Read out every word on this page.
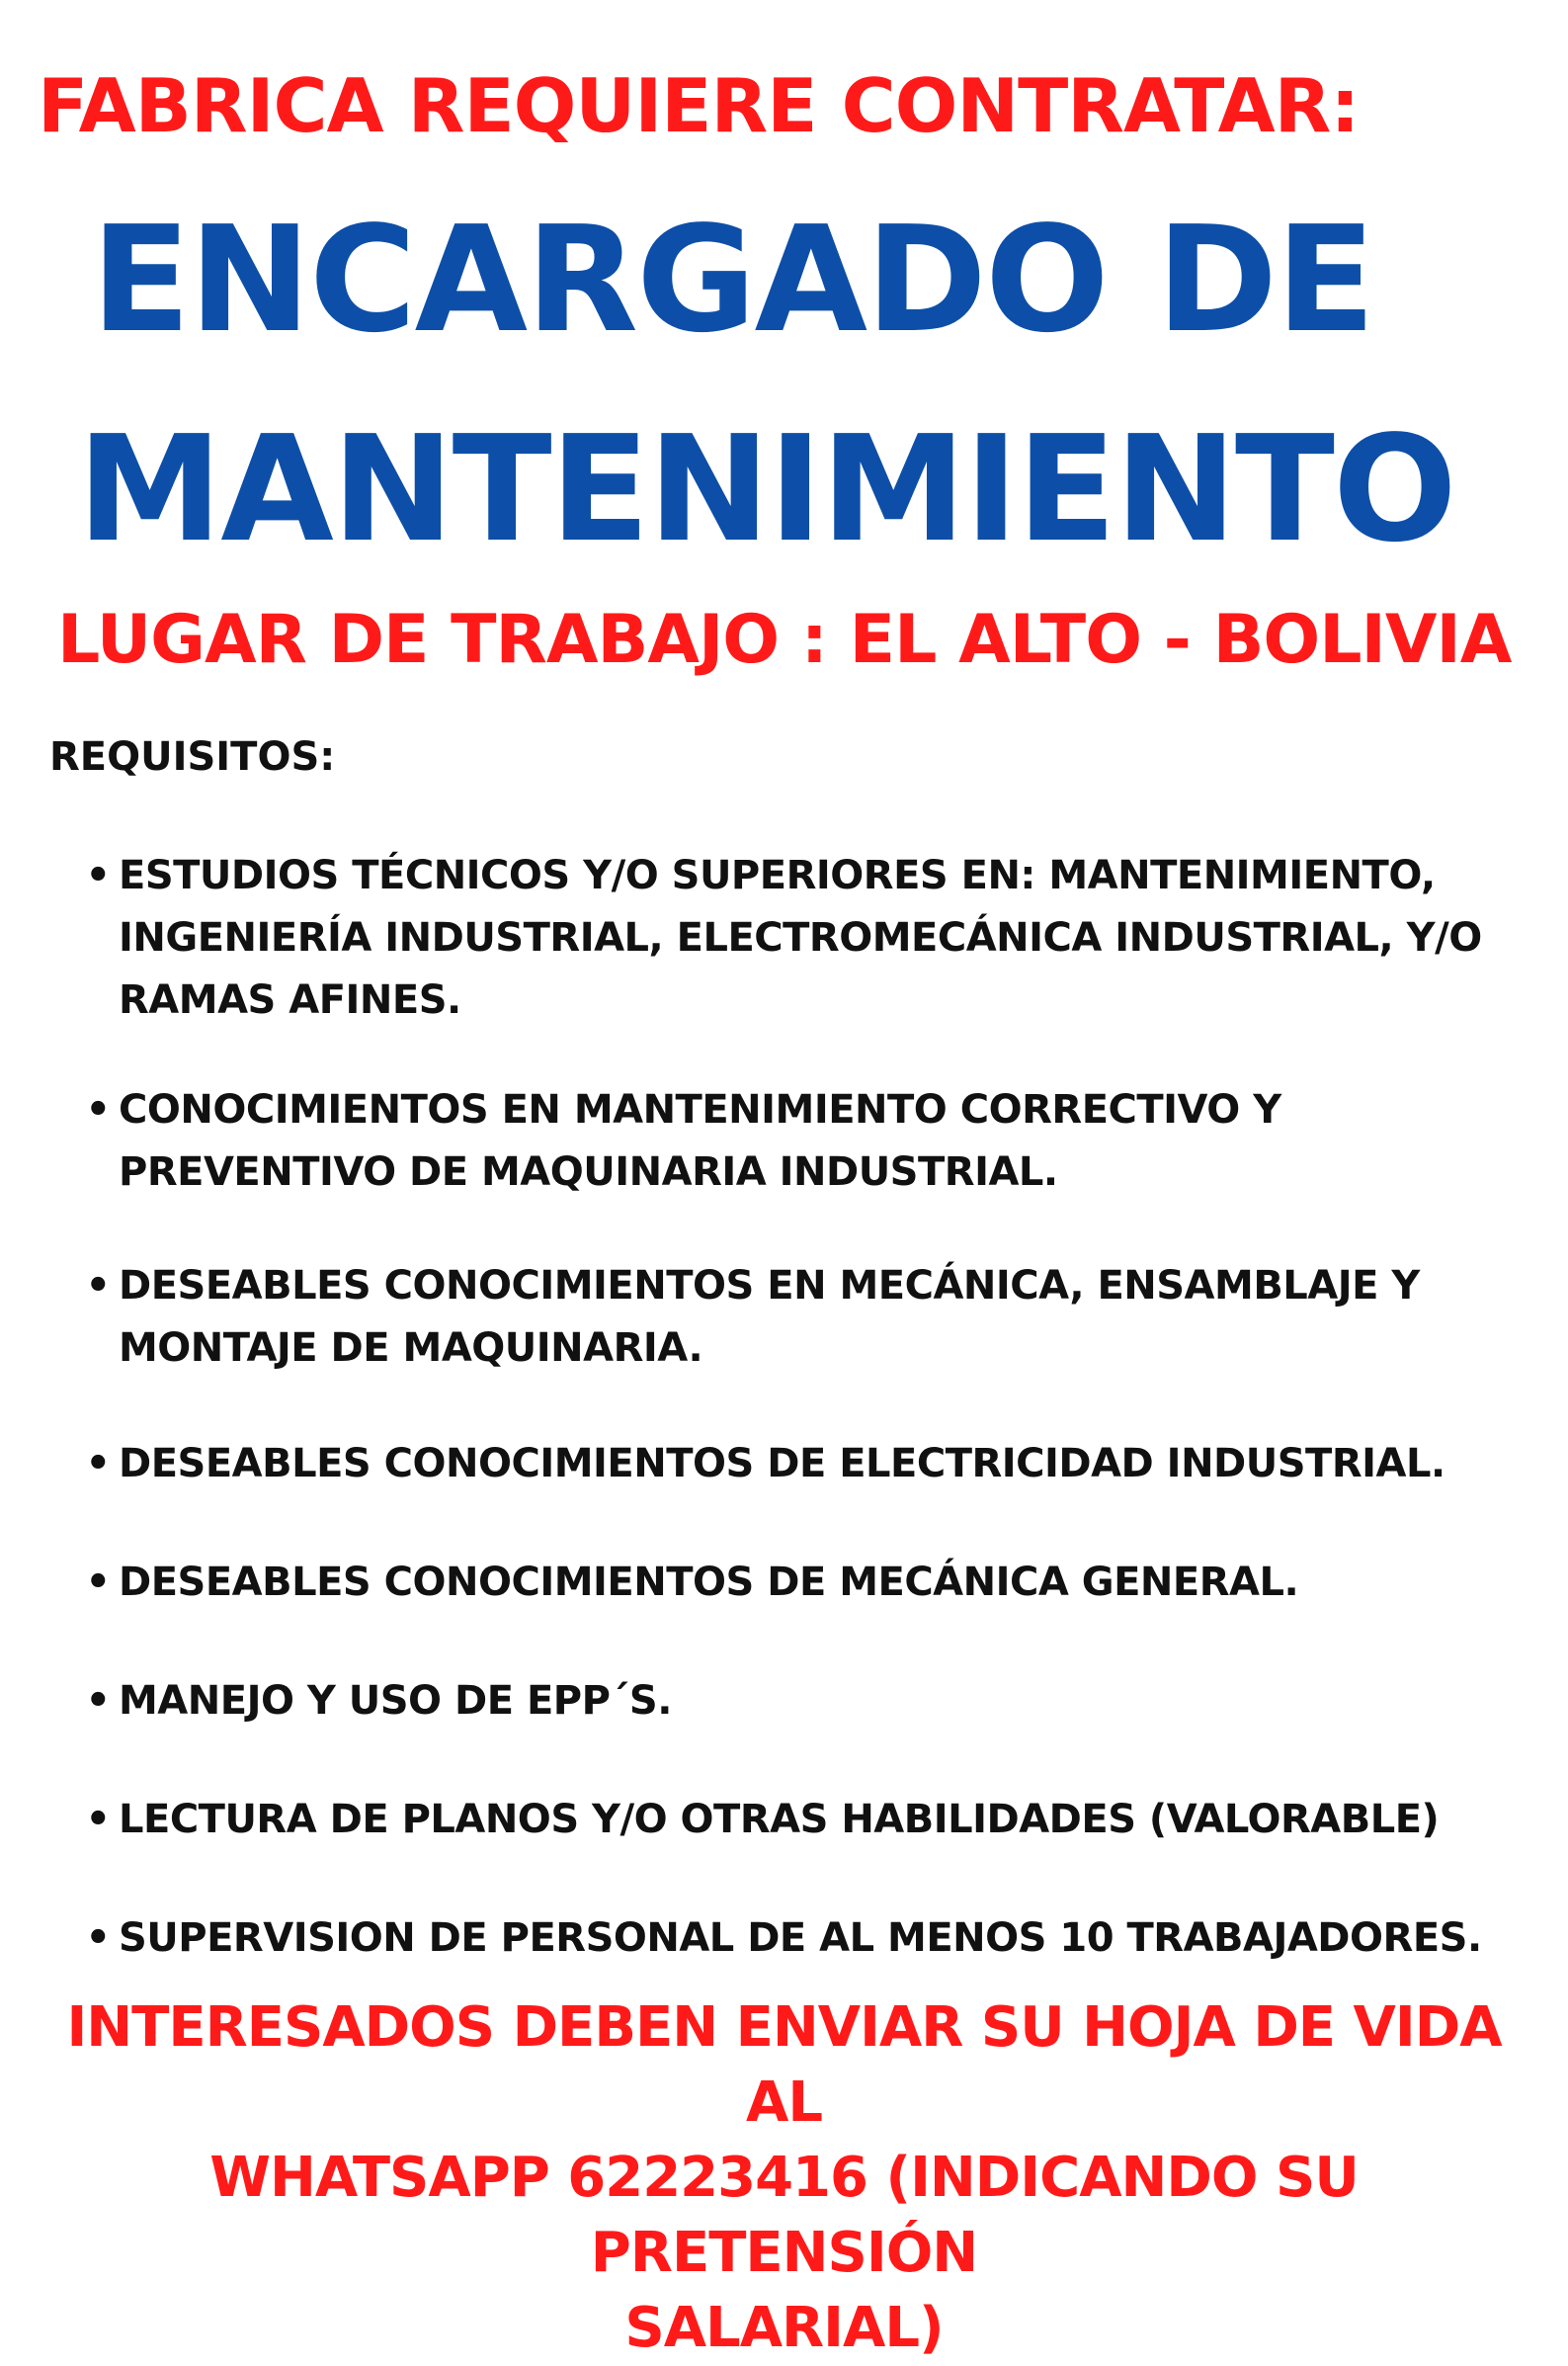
FABRICA REQUIERE CONTRATAR:
ENCARGADO DE
MANTENIMIENTO

LUGAR DE TRABAJO : EL ALTO - BOLIVIA

REQUISITOS:

• ESTUDIOS TÉCNICOS Y/O SUPERIORES EN: MANTENIMIENTO,
INGENIERÍA INDUSTRIAL, ELECTROMECÁNICA INDUSTRIAL, Y/O
RAMAS AFINES.
• CONOCIMIENTOS EN MANTENIMIENTO CORRECTIVO Y
PREVENTIVO DE MAQUINARIA INDUSTRIAL.
• DESEABLES CONOCIMIENTOS EN MECÁNICA, ENSAMBLAJE Y
MONTAJE DE MAQUINARIA.
• DESEABLES CONOCIMIENTOS DE ELECTRICIDAD INDUSTRIAL.
• DESEABLES CONOCIMIENTOS DE MECÁNICA GENERAL.
• MANEJO Y USO DE EPP´S.
• LECTURA DE PLANOS Y/O OTRAS HABILIDADES (VALORABLE)
• SUPERVISION DE PERSONAL DE AL MENOS 10 TRABAJADORES.

INTERESADOS DEBEN ENVIAR SU HOJA DE VIDA AL
WHATSAPP 62223416 (INDICANDO SU PRETENSIÓN
SALARIAL)
